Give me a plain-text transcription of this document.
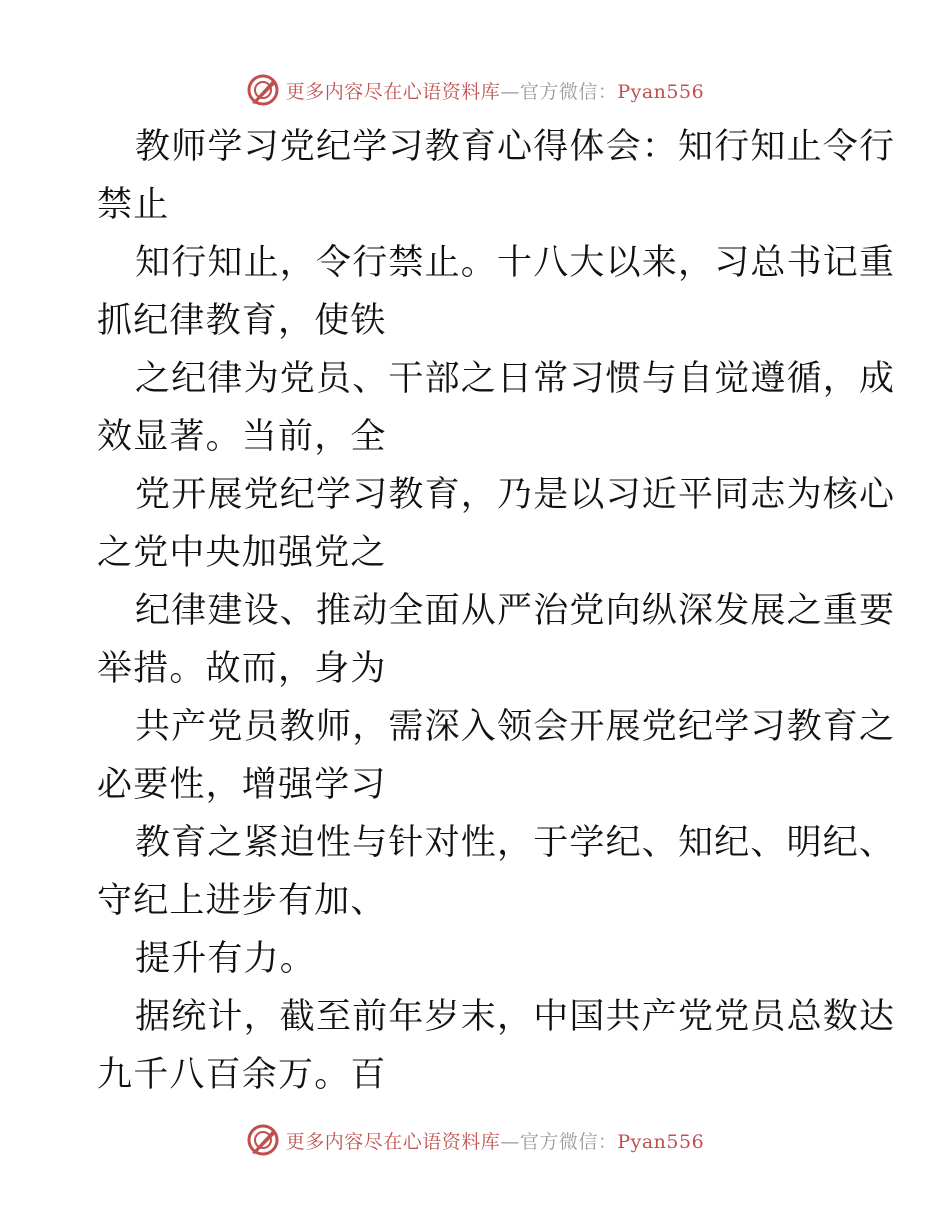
更多内容尽在心语资料库—官方微信：Pyan556
教师学习党纪学习教育心得体会：知行知止令行
禁止
知行知止，令行禁止。十八大以来，习总书记重
抓纪律教育，使铁
之纪律为党员、干部之日常习惯与自觉遵循，成
效显著。当前，全
党开展党纪学习教育，乃是以习近平同志为核心
之党中央加强党之
纪律建设、推动全面从严治党向纵深发展之重要
举措。故而，身为
共产党员教师，需深入领会开展党纪学习教育之
必要性，增强学习
教育之紧迫性与针对性，于学纪、知纪、明纪、
守纪上进步有加、
提升有力。
据统计，截至前年岁末，中国共产党党员总数达
九千八百余万。百
更多内容尽在心语资料库—官方微信：Pyan556
